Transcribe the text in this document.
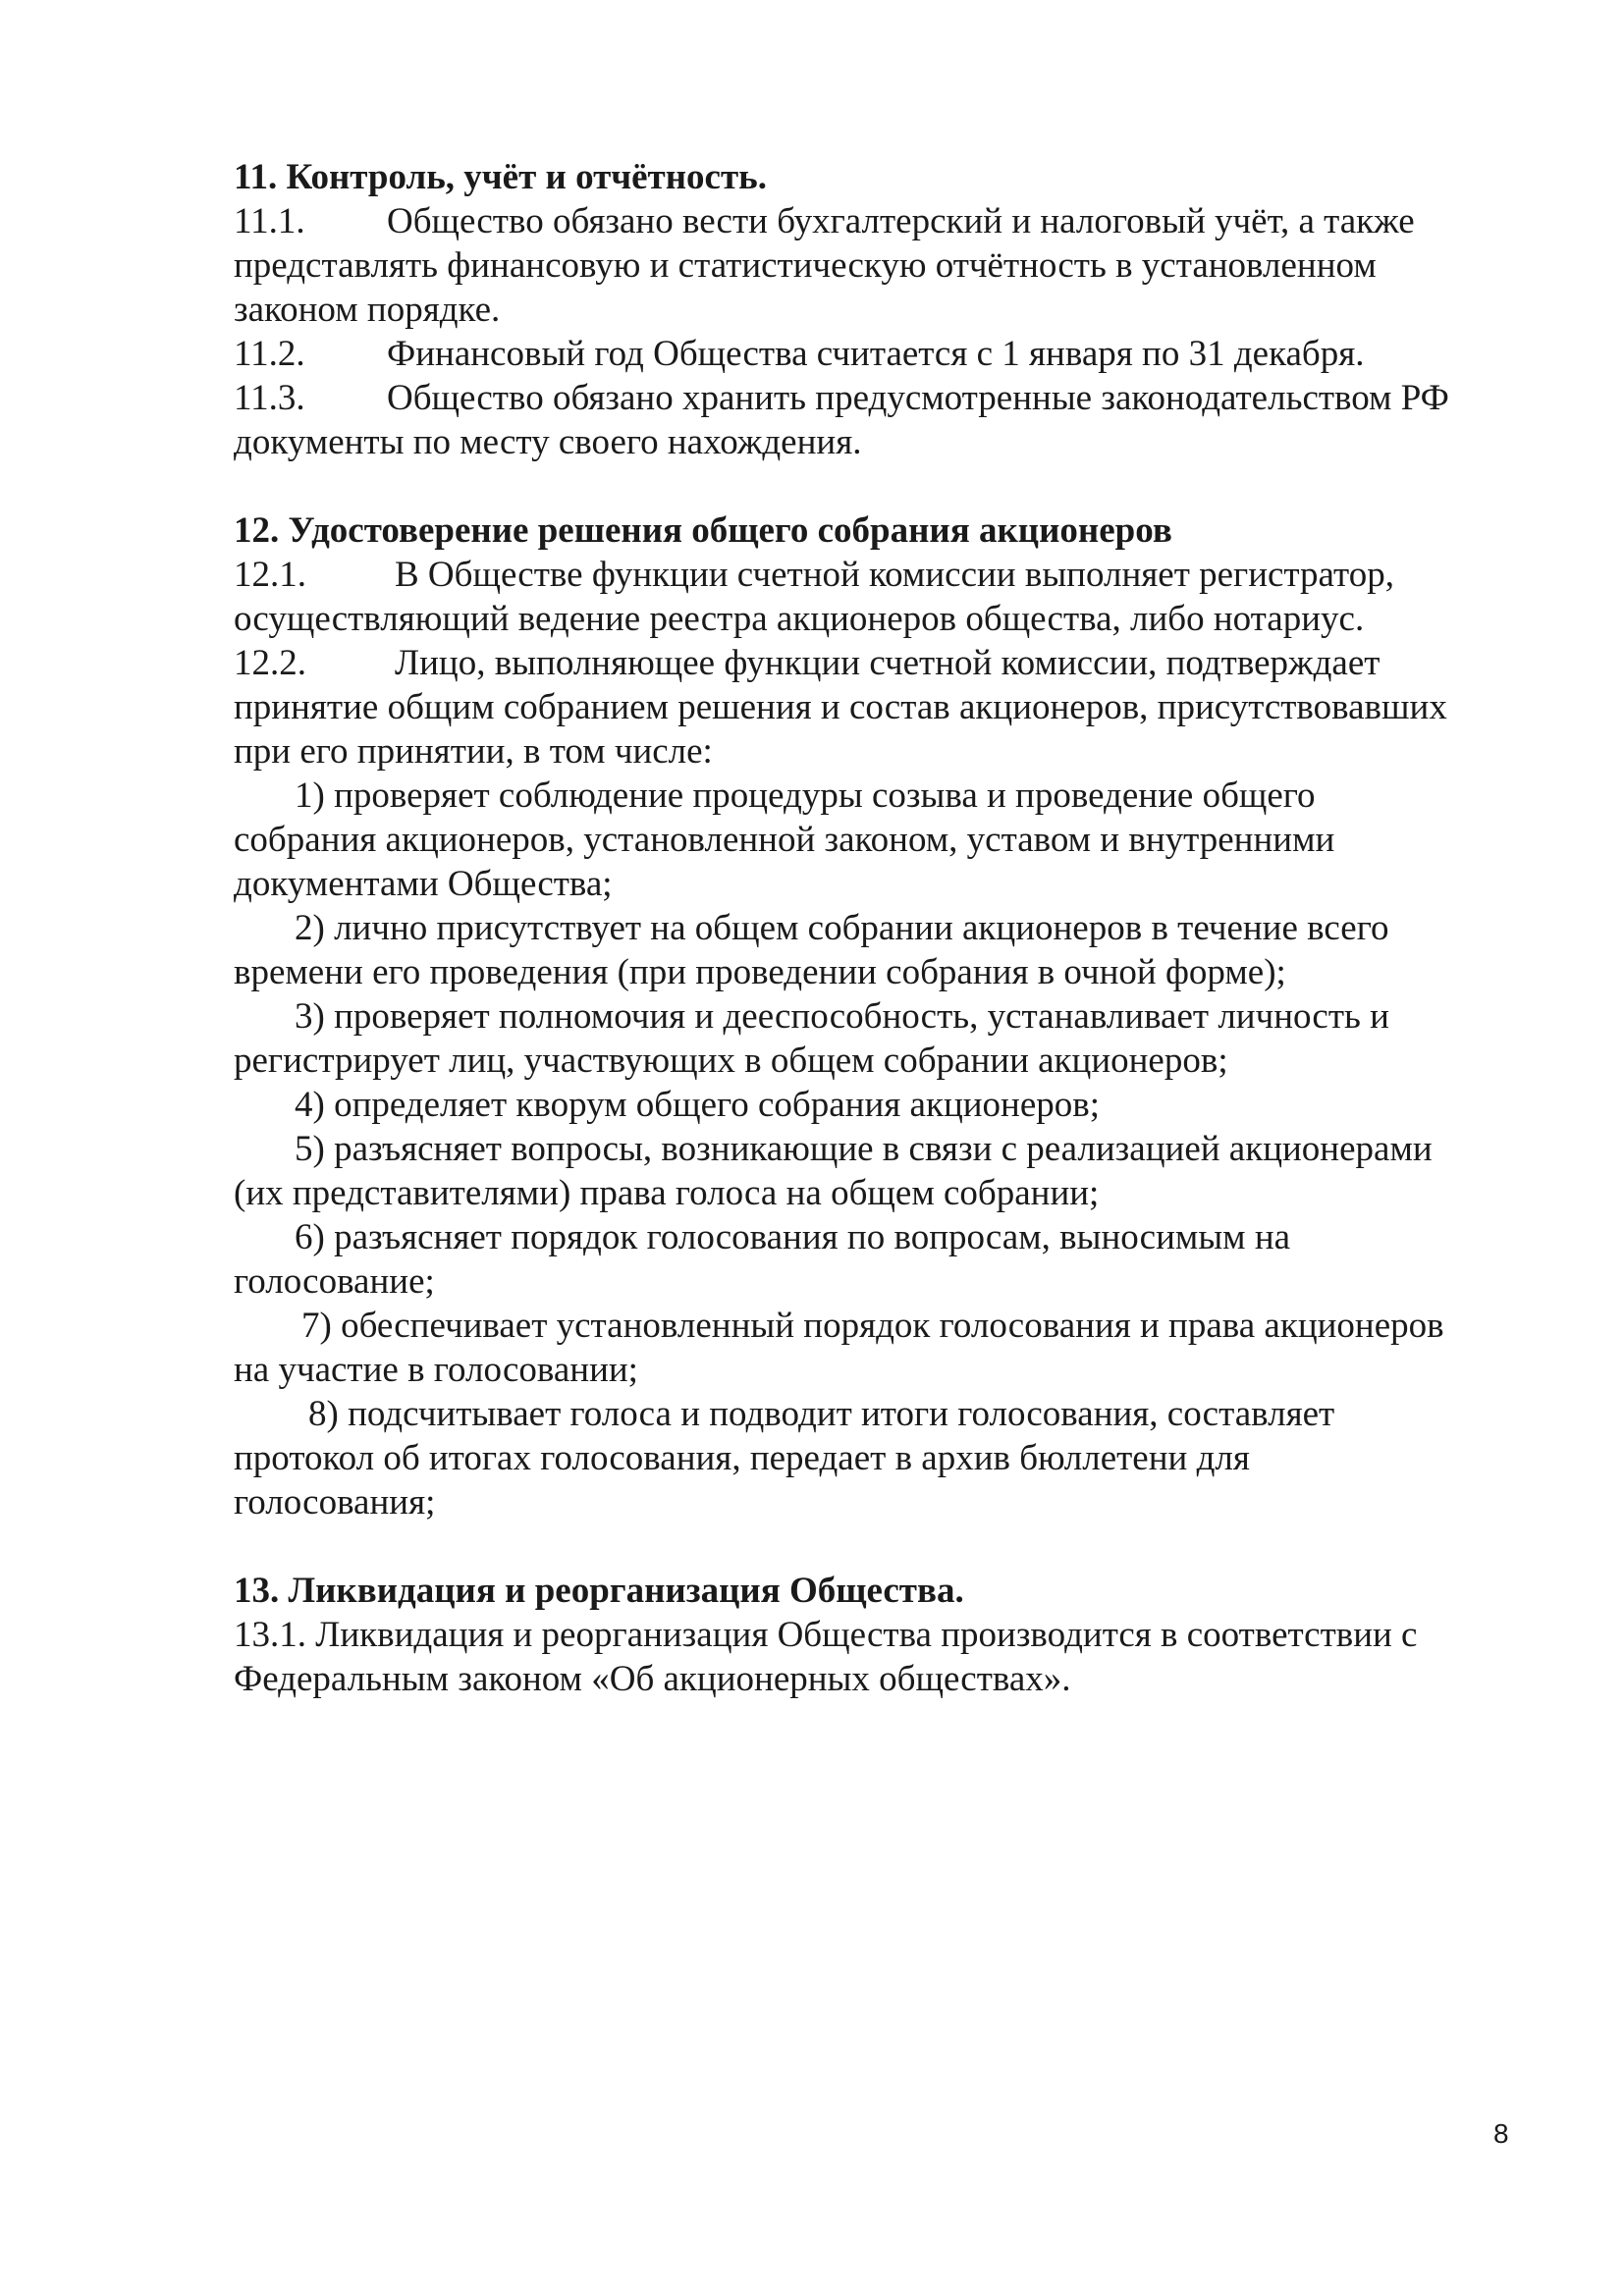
11. Контроль, учёт и отчётность.
11.1. Общество обязано вести бухгалтерский и налоговый учёт, а также
представлять финансовую и статистическую отчётность в установленном
законом порядке.
11.2. Финансовый год Общества считается с 1 января по 31 декабря.
11.3. Общество обязано хранить предусмотренные законодательством РФ
документы по месту своего нахождения.
12. Удостоверение решения общего собрания акционеров
12.1. В Обществе функции счетной комиссии выполняет регистратор,
осуществляющий ведение реестра акционеров общества, либо нотариус.
12.2. Лицо, выполняющее функции счетной комиссии, подтверждает
принятие общим собранием решения и состав акционеров, присутствовавших
при его принятии, в том числе:
1) проверяет соблюдение процедуры созыва и проведение общего
собрания акционеров, установленной законом, уставом и внутренними
документами Общества;
2) лично присутствует на общем собрании акционеров в течение всего
времени его проведения (при проведении собрания в очной форме);
3) проверяет полномочия и дееспособность, устанавливает личность и
регистрирует лиц, участвующих в общем собрании акционеров;
4) определяет кворум общего собрания акционеров;
5) разъясняет вопросы, возникающие в связи с реализацией акционерами
(их представителями) права голоса на общем собрании;
6) разъясняет порядок голосования по вопросам, выносимым на
голосование;
7) обеспечивает установленный порядок голосования и права акционеров
на участие в голосовании;
8) подсчитывает голоса и подводит итоги голосования, составляет
протокол об итогах голосования, передает в архив бюллетени для
голосования;
13. Ликвидация и реорганизация Общества.
13.1. Ликвидация и реорганизация Общества производится в соответствии с
Федеральным законом «Об акционерных обществах».
8
